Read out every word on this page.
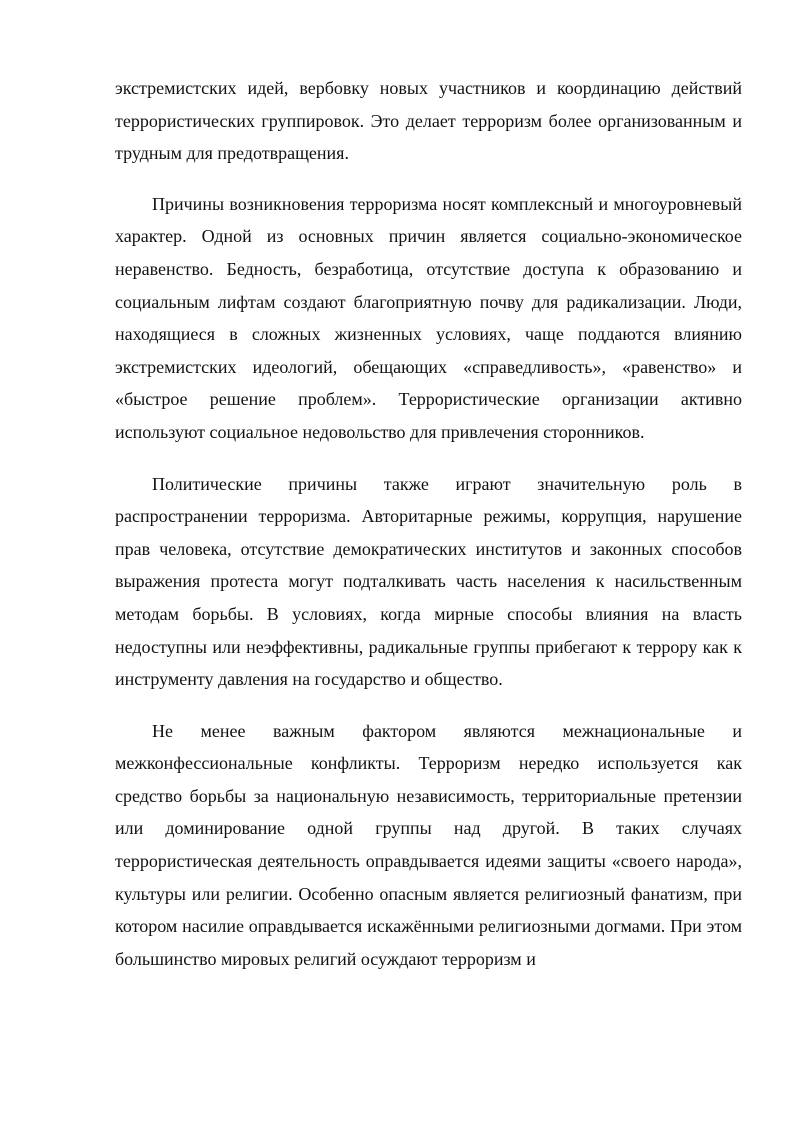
экстремистских идей, вербовку новых участников и координацию действий террористических группировок. Это делает терроризм более организованным и трудным для предотвращения.

Причины возникновения терроризма носят комплексный и многоуровневый характер. Одной из основных причин является социально-экономическое неравенство. Бедность, безработица, отсутствие доступа к образованию и социальным лифтам создают благоприятную почву для радикализации. Люди, находящиеся в сложных жизненных условиях, чаще поддаются влиянию экстремистских идеологий, обещающих «справедливость», «равенство» и «быстрое решение проблем». Террористические организации активно используют социальное недовольство для привлечения сторонников.

Политические причины также играют значительную роль в распространении терроризма. Авторитарные режимы, коррупция, нарушение прав человека, отсутствие демократических институтов и законных способов выражения протеста могут подталкивать часть населения к насильственным методам борьбы. В условиях, когда мирные способы влияния на власть недоступны или неэффективны, радикальные группы прибегают к террору как к инструменту давления на государство и общество.

Не менее важным фактором являются межнациональные и межконфессиональные конфликты. Терроризм нередко используется как средство борьбы за национальную независимость, территориальные претензии или доминирование одной группы над другой. В таких случаях террористическая деятельность оправдывается идеями защиты «своего народа», культуры или религии. Особенно опасным является религиозный фанатизм, при котором насилие оправдывается искажёнными религиозными догмами. При этом большинство мировых религий осуждают терроризм и
